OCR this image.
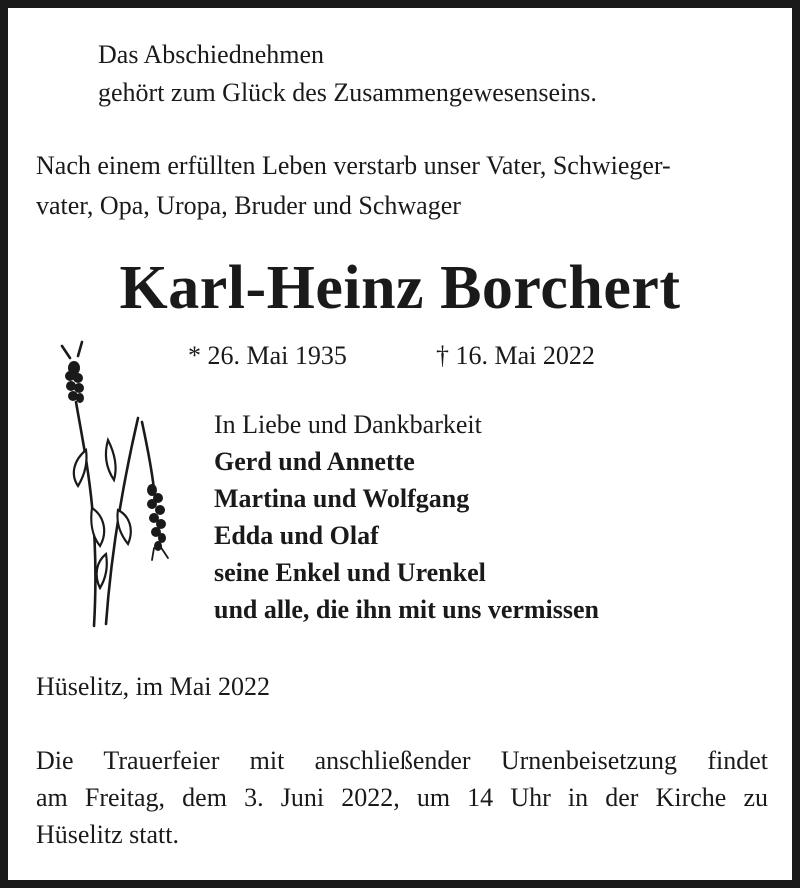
Das Abschiednehmen
gehört zum Glück des Zusammengewesenseins.
Nach einem erfüllten Leben verstarb unser Vater, Schwieger-
vater, Opa, Uropa, Bruder und Schwager
Karl-Heinz Borchert
* 26. Mai 1935	† 16. Mai 2022
In Liebe und Dankbarkeit
Gerd und Annette
Martina und Wolfgang
Edda und Olaf
seine Enkel und Urenkel
und alle, die ihn mit uns vermissen
Hüselitz, im Mai 2022
Die Trauerfeier mit anschließender Urnenbeisetzung findet
am Freitag, dem 3. Juni 2022, um 14 Uhr in der Kirche zu
Hüselitz statt.
